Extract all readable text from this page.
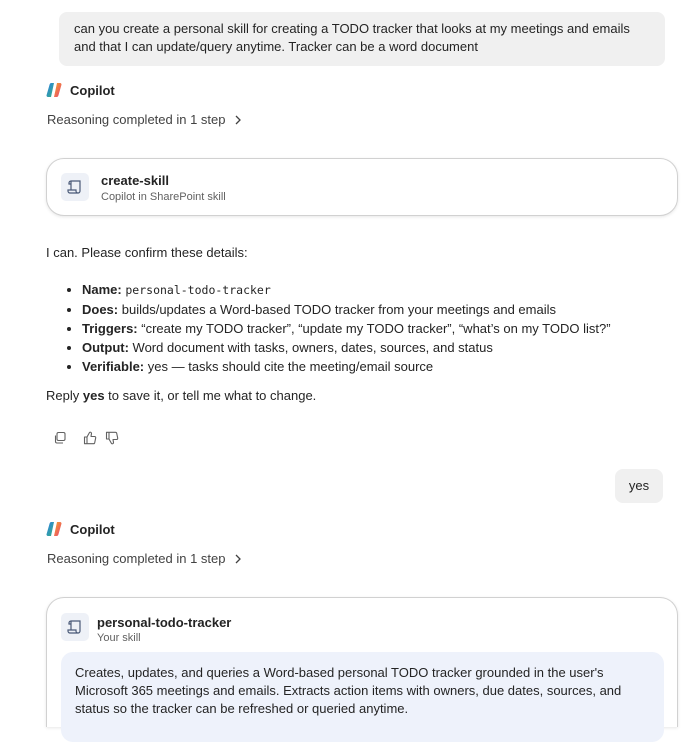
can you create a personal skill for creating a TODO tracker that looks at my meetings and emails and that I can update/query anytime. Tracker can be a word document
Copilot
Reasoning completed in 1 step
create-skill
Copilot in SharePoint skill
I can. Please confirm these details:
• Name: personal-todo-tracker
• Does: builds/updates a Word-based TODO tracker from your meetings and emails
• Triggers: “create my TODO tracker”, “update my TODO tracker”, “what’s on my TODO list?”
• Output: Word document with tasks, owners, dates, sources, and status
• Verifiable: yes — tasks should cite the meeting/email source
Reply yes to save it, or tell me what to change.
yes
Copilot
Reasoning completed in 1 step
personal-todo-tracker
Your skill
Creates, updates, and queries a Word-based personal TODO tracker grounded in the user's Microsoft 365 meetings and emails. Extracts action items with owners, due dates, sources, and status so the tracker can be refreshed or queried anytime.
